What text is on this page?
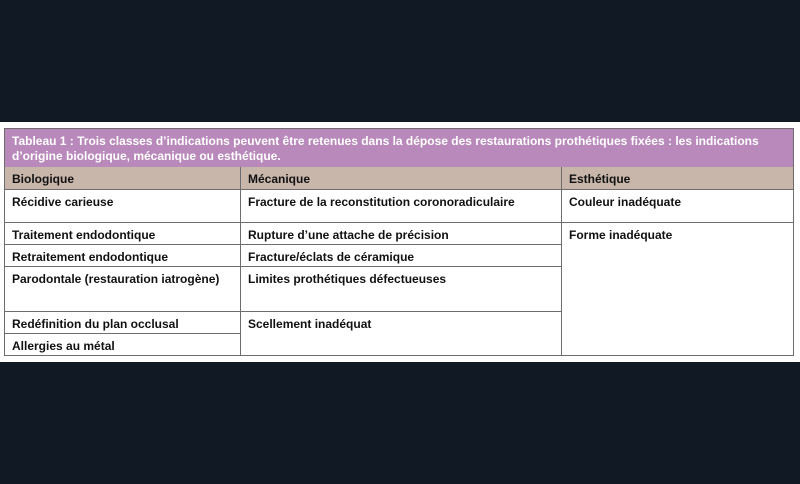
Tableau 1 : Trois classes d’indications peuvent être retenues dans la dépose des restaurations prothétiques fixées : les indications d’origine biologique, mécanique ou esthétique.
Biologique	Mécanique	Esthétique
Récidive carieuse
Traitement endodontique
Retraitement endodontique
Parodontale (restauration iatrogène)
Redéfinition du plan occlusal
Allergies au métal
Fracture de la reconstitution coronoradiculaire
Rupture d’une attache de précision
Fracture/éclats de céramique
Limites prothétiques défectueuses
Scellement inadéquat
Couleur inadéquate
Forme inadéquate
